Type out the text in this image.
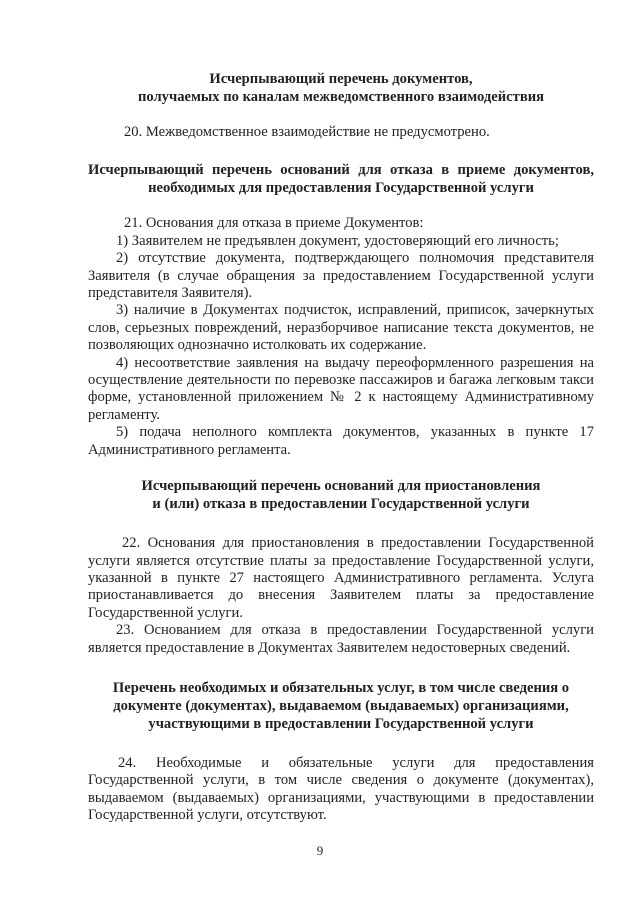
Исчерпывающий перечень документов,
получаемых по каналам межведомственного взаимодействия

20. Межведомственное взаимодействие не предусмотрено.

Исчерпывающий перечень оснований для отказа в приеме документов, необходимых для предоставления Государственной услуги

21. Основания для отказа в приеме Документов:

1) Заявителем не предъявлен документ, удостоверяющий его личность;

2) отсутствие документа, подтверждающего полномочия представителя Заявителя (в случае обращения за предоставлением Государственной услуги представителя Заявителя).

3) наличие в Документах подчисток, исправлений, приписок, зачеркнутых слов, серьезных повреждений, неразборчивое написание текста документов, не позволяющих однозначно истолковать их содержание.

4) несоответствие заявления на выдачу переоформленного разрешения на осуществление деятельности по перевозке пассажиров и багажа легковым такси форме, установленной приложением № 2 к настоящему Административному регламенту.

5) подача неполного комплекта документов, указанных в пункте 17 Административного регламента.

Исчерпывающий перечень оснований для приостановления
и (или) отказа в предоставлении Государственной услуги

22. Основания для приостановления в предоставлении Государственной услуги является отсутствие платы за предоставление Государственной услуги, указанной в пункте 27 настоящего Административного регламента. Услуга приостанавливается до внесения Заявителем платы за предоставление Государственной услуги.

23. Основанием для отказа в предоставлении Государственной услуги является предоставление в Документах Заявителем недостоверных сведений.

Перечень необходимых и обязательных услуг, в том числе сведения о
документе (документах), выдаваемом (выдаваемых) организациями,
участвующими в предоставлении Государственной услуги

24. Необходимые и обязательные услуги для предоставления Государственной услуги, в том числе сведения о документе (документах), выдаваемом (выдаваемых) организациями, участвующими в предоставлении Государственной услуги, отсутствуют.

9
